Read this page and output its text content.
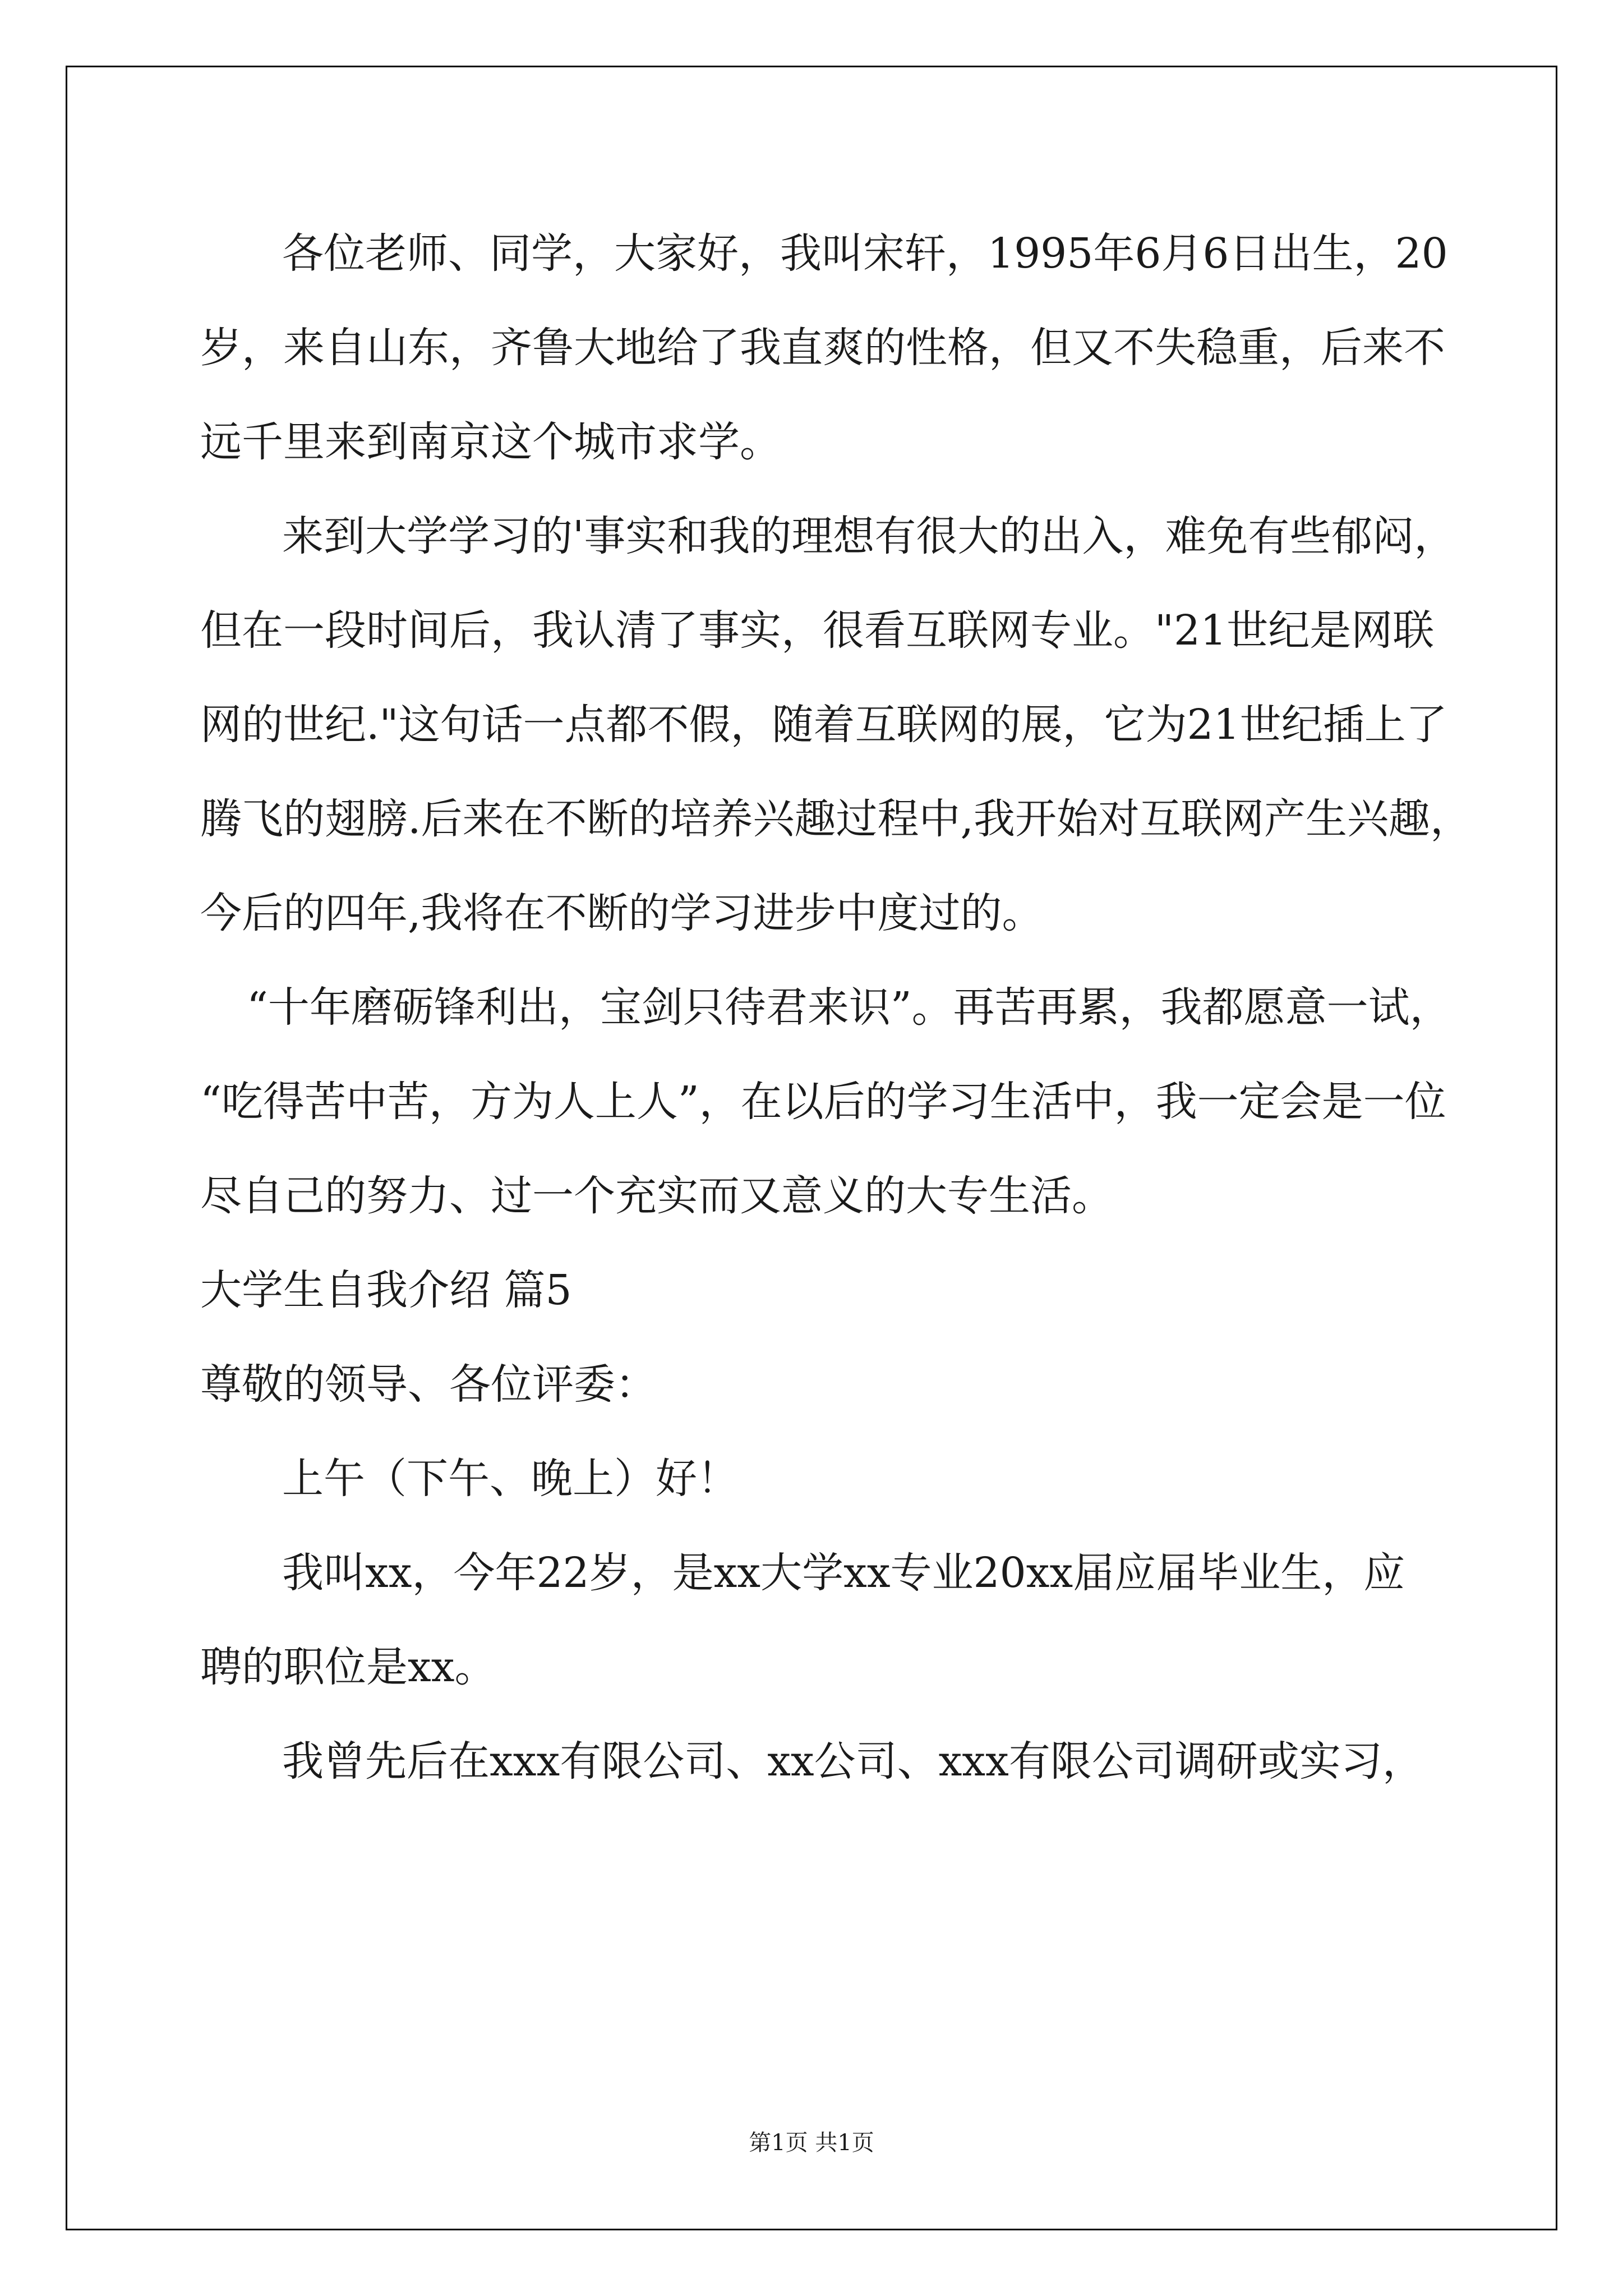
各位老师、同学，大家好，我叫宋轩，1995年6月6日出生，20

岁，来自山东，齐鲁大地给了我直爽的性格，但又不失稳重，后来不

远千里来到南京这个城市求学。

来到大学学习的'事实和我的理想有很大的出入，难免有些郁闷，

但在一段时间后，我认清了事实，很看互联网专业。"21世纪是网联

网的世纪."这句话一点都不假，随着互联网的展，它为21世纪插上了

腾飞的翅膀.后来在不断的培养兴趣过程中,我开始对互联网产生兴趣，

今后的四年,我将在不断的学习进步中度过的。

“十年磨砺锋利出，宝剑只待君来识”。再苦再累，我都愿意一试，

“吃得苦中苦，方为人上人”，在以后的学习生活中，我一定会是一位

尽自己的努力、过一个充实而又意义的大专生活。

大学生自我介绍 篇5

尊敬的领导、各位评委：

上午（下午、晚上）好！

我叫xx，今年22岁，是xx大学xx专业20xx届应届毕业生，应

聘的职位是xx。

我曾先后在xxx有限公司、xx公司、xxx有限公司调研或实习，

第1页 共1页
